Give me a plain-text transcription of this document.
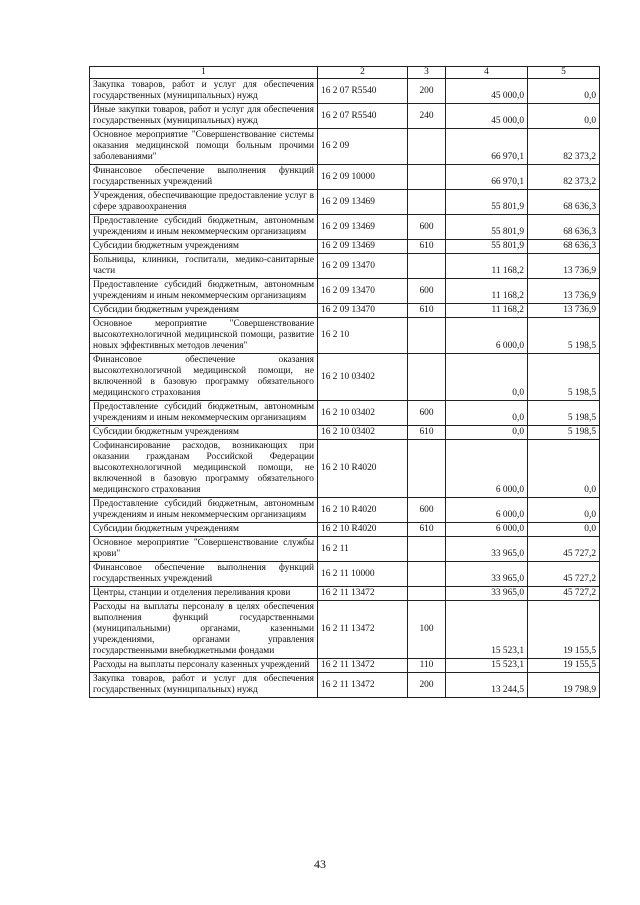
1	2	3	4	5
Закупка товаров, работ и услуг для обеспечения государственных (муниципальных) нужд	16 2 07 R5540	200	45 000,0	0,0
Иные закупки товаров, работ и услуг для обеспечения государственных (муниципальных) нужд	16 2 07 R5540	240	45 000,0	0,0
Основное мероприятие "Совершенствование системы оказания медицинской помощи больным прочими заболеваниями"	16 2 09		66 970,1	82 373,2
Финансовое обеспечение выполнения функций государственных учреждений	16 2 09 10000		66 970,1	82 373,2
Учреждения, обеспечивающие предоставление услуг в сфере здравоохранения	16 2 09 13469		55 801,9	68 636,3
Предоставление субсидий бюджетным, автономным учреждениям и иным некоммерческим организациям	16 2 09 13469	600	55 801,9	68 636,3
Субсидии бюджетным учреждениям	16 2 09 13469	610	55 801,9	68 636,3
Больницы, клиники, госпитали, медико-санитарные части	16 2 09 13470		11 168,2	13 736,9
Предоставление субсидий бюджетным, автономным учреждениям и иным некоммерческим организациям	16 2 09 13470	600	11 168,2	13 736,9
Субсидии бюджетным учреждениям	16 2 09 13470	610	11 168,2	13 736,9
Основное мероприятие "Совершенствование высокотехнологичной медицинской помощи, развитие новых эффективных методов лечения"	16 2 10		6 000,0	5 198,5
Финансовое обеспечение оказания высокотехнологичной медицинской помощи, не включенной в базовую программу обязательного медицинского страхования	16 2 10 03402		0,0	5 198,5
Предоставление субсидий бюджетным, автономным учреждениям и иным некоммерческим организациям	16 2 10 03402	600	0,0	5 198,5
Субсидии бюджетным учреждениям	16 2 10 03402	610	0,0	5 198,5
Софинансирование расходов, возникающих при оказании гражданам Российской Федерации высокотехнологичной медицинской помощи, не включенной в базовую программу обязательного медицинского страхования	16 2 10 R4020		6 000,0	0,0
Предоставление субсидий бюджетным, автономным учреждениям и иным некоммерческим организациям	16 2 10 R4020	600	6 000,0	0,0
Субсидии бюджетным учреждениям	16 2 10 R4020	610	6 000,0	0,0
Основное мероприятие "Совершенствование службы крови"	16 2 11		33 965,0	45 727,2
Финансовое обеспечение выполнения функций государственных учреждений	16 2 11 10000		33 965,0	45 727,2
Центры, станции и отделения переливания крови	16 2 11 13472		33 965,0	45 727,2
Расходы на выплаты персоналу в целях обеспечения выполнения функций государственными (муниципальными) органами, казенными учреждениями, органами управления государственными внебюджетными фондами	16 2 11 13472	100	15 523,1	19 155,5
Расходы на выплаты персоналу казенных учреждений	16 2 11 13472	110	15 523,1	19 155,5
Закупка товаров, работ и услуг для обеспечения государственных (муниципальных) нужд	16 2 11 13472	200	13 244,5	19 798,9
43
